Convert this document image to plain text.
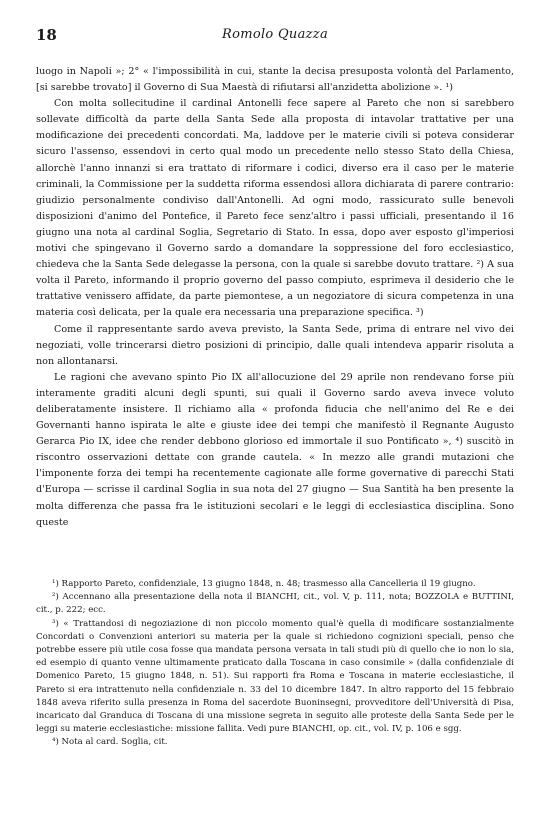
18	Romolo Quazza

luogo in Napoli »; 2° « l'impossibilità in cui, stante la decisa presuposta volontà del Parlamento, [si sarebbe trovato] il Governo di Sua Maestà di rifiutarsi all'anzidetta abolizione ». ¹)

Con molta sollecitudine il cardinal Antonelli fece sapere al Pareto che non si sarebbero sollevate difficoltà da parte della Santa Sede alla proposta di intavolar trattative per una modificazione dei precedenti concordati. Ma, laddove per le materie civili si poteva considerar sicuro l'assenso, essendovi in certo qual modo un precedente nello stesso Stato della Chiesa, allorchè l'anno innanzi si era trattato di riformare i codici, diverso era il caso per le materie criminali, la Commissione per la suddetta riforma essendosi allora dichiarata di parere contrario: giudizio personalmente condiviso dall'Antonelli. Ad ogni modo, rassicurato sulle benevoli disposizioni d'animo del Pontefice, il Pareto fece senz'altro i passi ufficiali, presentando il 16 giugno una nota al cardinal Soglia, Segretario di Stato. In essa, dopo aver esposto gl'imperiosi motivi che spingevano il Governo sardo a domandare la soppressione del foro ecclesiastico, chiedeva che la Santa Sede delegasse la persona, con la quale si sarebbe dovuto trattare. ²) A sua volta il Pareto, informando il proprio governo del passo compiuto, esprimeva il desiderio che le trattative venissero affidate, da parte piemontese, a un negoziatore di sicura competenza in una materia così delicata, per la quale era necessaria una preparazione specifica. ³)

Come il rappresentante sardo aveva previsto, la Santa Sede, prima di entrare nel vivo dei negoziati, volle trincerarsi dietro posizioni di principio, dalle quali intendeva apparir risoluta a non allontanarsi.

Le ragioni che avevano spinto Pio IX all'allocuzione del 29 aprile non rendevano forse più interamente graditi alcuni degli spunti, sui quali il Governo sardo aveva invece voluto deliberatamente insistere. Il richiamo alla « profonda fiducia che nell'animo del Re e dei Governanti hanno ispirata le alte e giuste idee dei tempi che manifestò il Regnante Augusto Gerarca Pio IX, idee che render debbono glorioso ed immortale il suo Pontificato », ⁴) suscitò in riscontro osservazioni dettate con grande cautela. « In mezzo alle grandi mutazioni che l'imponente forza dei tempi ha recentemente cagionate alle forme governative di parecchi Stati d'Europa — scrisse il cardinal Soglia in sua nota del 27 giugno — Sua Santità ha ben presente la molta differenza che passa fra le istituzioni secolari e le leggi di ecclesiastica disciplina. Sono queste

¹) Rapporto Pareto, confidenziale, 13 giugno 1848, n. 48; trasmesso alla Cancelleria il 19 giugno.

²) Accennano alla presentazione della nota il BIANCHI, cit., vol. V, p. 111, nota; BOZZOLA e BUTTINI, cit., p. 222; ecc.

³) « Trattandosi di negoziazione di non piccolo momento qual'è quella di modificare sostanzialmente Concordati o Convenzioni anteriori su materia per la quale si richiedono cognizioni speciali, penso che potrebbe essere più utile cosa fosse qua mandata persona versata in tali studi più di quello che io non lo sia, ed esempio di quanto venne ultimamente praticato dalla Toscana in caso consimile » (dalla confidenziale di Domenico Pareto, 15 giugno 1848, n. 51). Sui rapporti fra Roma e Toscana in materie ecclesiastiche, il Pareto si era intrattenuto nella confidenziale n. 33 del 10 dicembre 1847. In altro rapporto del 15 febbraio 1848 aveva riferito sulla presenza in Roma del sacerdote Buoninsegni, provveditore dell'Università di Pisa, incaricato dal Granduca di Toscana di una missione segreta in seguito alle proteste della Santa Sede per le leggi su materie ecclesiastiche: missione fallita. Vedi pure BIANCHI, op. cit., vol. IV, p. 106 e sgg.

⁴) Nota al card. Soglia, cit.
